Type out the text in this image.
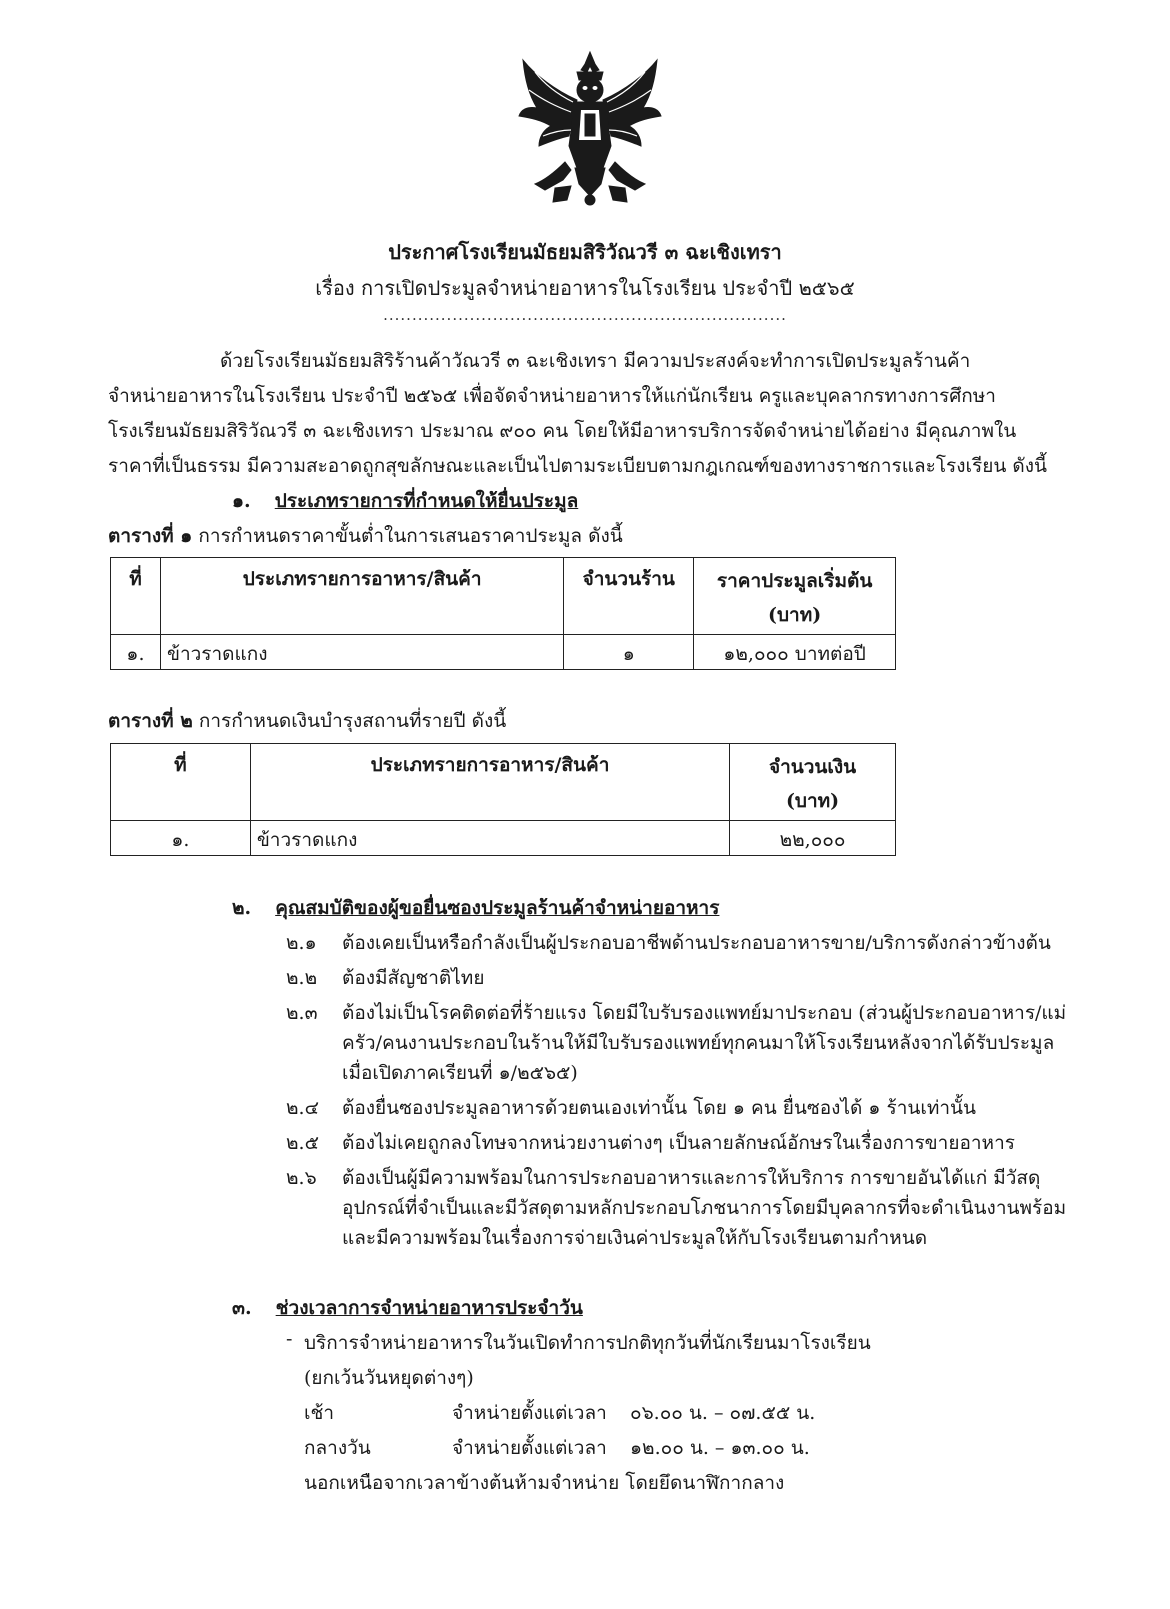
ประกาศโรงเรียนมัธยมสิริวัณวรี ๓ ฉะเชิงเทรา
เรื่อง การเปิดประมูลจำหน่ายอาหารในโรงเรียน ประจำปี ๒๕๖๕
......................................................................
ด้วยโรงเรียนมัธยมสิริร้านค้าวัณวรี ๓ ฉะเชิงเทรา มีความประสงค์จะทำการเปิดประมูลร้านค้า
จำหน่ายอาหารในโรงเรียน ประจำปี ๒๕๖๕ เพื่อจัดจำหน่ายอาหารให้แก่นักเรียน ครูและบุคลากรทางการศึกษา
โรงเรียนมัธยมสิริวัณวรี ๓ ฉะเชิงเทรา ประมาณ ๙๐๐ คน โดยให้มีอาหารบริการจัดจำหน่ายได้อย่าง มีคุณภาพใน
ราคาที่เป็นธรรม มีความสะอาดถูกสุขลักษณะและเป็นไปตามระเบียบตามกฎเกณฑ์ของทางราชการและโรงเรียน ดังนี้
๑. ประเภทรายการที่กำหนดให้ยื่นประมูล
ตารางที่ ๑ การกำหนดราคาขั้นต่ำในการเสนอราคาประมูล ดังนี้
ที่	ประเภทรายการอาหาร/สินค้า	จำนวนร้าน	ราคาประมูลเริ่มต้น
(บาท)

๑.	ข้าวราดแกง	๑	๑๒,๐๐๐ บาทต่อปี
ตารางที่ ๒ การกำหนดเงินบำรุงสถานที่รายปี ดังนี้
ที่	ประเภทรายการอาหาร/สินค้า	จำนวนเงิน
(บาท)

๑.	ข้าวราดแกง	๒๒,๐๐๐
๒. คุณสมบัติของผู้ขอยื่นซองประมูลร้านค้าจำหน่ายอาหาร
๒.๑ ต้องเคยเป็นหรือกำลังเป็นผู้ประกอบอาชีพด้านประกอบอาหารขาย/บริการดังกล่าวข้างต้น
๒.๒ ต้องมีสัญชาติไทย
๒.๓ ต้องไม่เป็นโรคติดต่อที่ร้ายแรง โดยมีใบรับรองแพทย์มาประกอบ (ส่วนผู้ประกอบอาหาร/แม่
ครัว/คนงานประกอบในร้านให้มีใบรับรองแพทย์ทุกคนมาให้โรงเรียนหลังจากได้รับประมูล
เมื่อเปิดภาคเรียนที่ ๑/๒๕๖๕)
๒.๔ ต้องยื่นซองประมูลอาหารด้วยตนเองเท่านั้น โดย ๑ คน ยื่นซองได้ ๑ ร้านเท่านั้น
๒.๕ ต้องไม่เคยถูกลงโทษจากหน่วยงานต่างๆ เป็นลายลักษณ์อักษรในเรื่องการขายอาหาร
๒.๖ ต้องเป็นผู้มีความพร้อมในการประกอบอาหารและการให้บริการ การขายอันได้แก่ มีวัสดุ
อุปกรณ์ที่จำเป็นและมีวัสดุตามหลักประกอบโภชนาการโดยมีบุคลากรที่จะดำเนินงานพร้อม
และมีความพร้อมในเรื่องการจ่ายเงินค่าประมูลให้กับโรงเรียนตามกำหนด
๓. ช่วงเวลาการจำหน่ายอาหารประจำวัน
- บริการจำหน่ายอาหารในวันเปิดทำการปกติทุกวันที่นักเรียนมาโรงเรียน
(ยกเว้นวันหยุดต่างๆ)
เช้า	จำหน่ายตั้งแต่เวลา ๐๖.๐๐ น. – ๐๗.๕๕ น.
กลางวัน	จำหน่ายตั้งแต่เวลา ๑๒.๐๐ น. – ๑๓.๐๐ น.
นอกเหนือจากเวลาข้างต้นห้ามจำหน่าย โดยยึดนาฬิกากลาง
